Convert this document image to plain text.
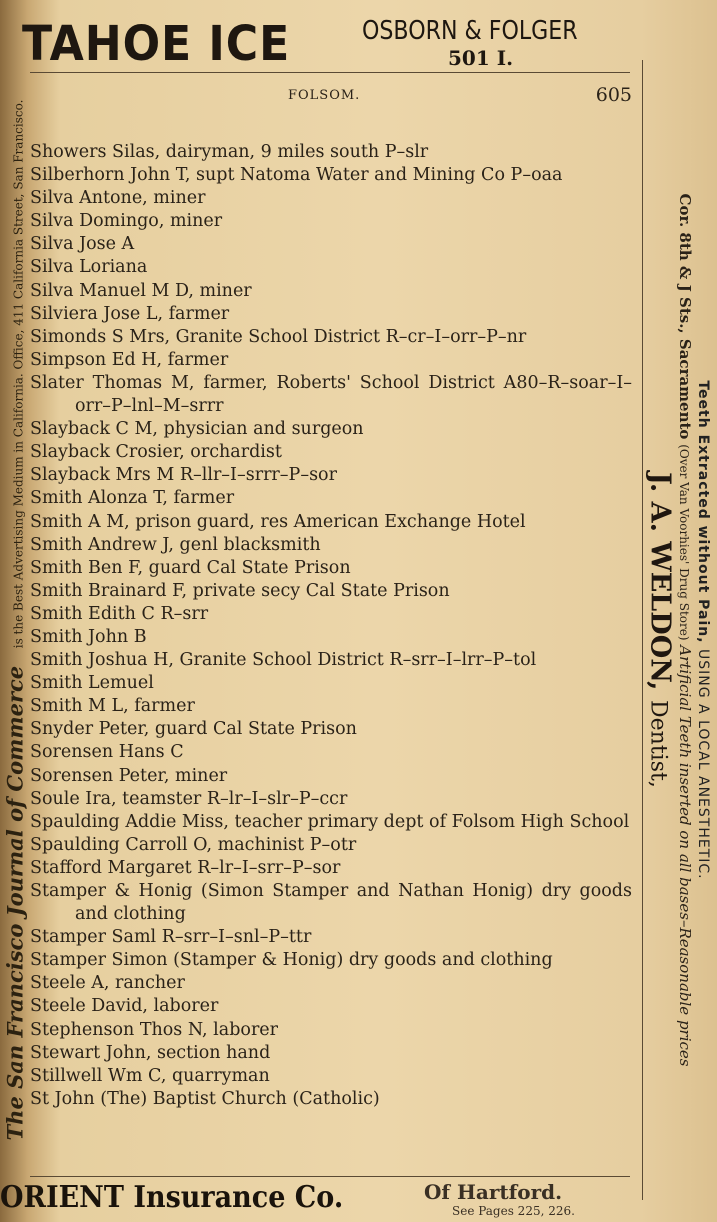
The San Francisco Journal of Commerce is the Best Advertising Medium in California. Office, 411 California Street, San Francisco.
TAHOE ICE	OSBORN & FOLGER
501 I.
FOLSOM.	605
Showers Silas, dairyman, 9 miles south P–slr
Silberhorn John T, supt Natoma Water and Mining Co P–oaa
Silva Antone, miner
Silva Domingo, miner
Silva Jose A
Silva Loriana
Silva Manuel M D, miner
Silviera Jose L, farmer
Simonds S Mrs, Granite School District R–cr–I–orr–P–nr
Simpson Ed H, farmer
Slater Thomas M, farmer, Roberts' School District A80–R–soar–I–orr–P–lnl–M–srrr
Slayback C M, physician and surgeon
Slayback Crosier, orchardist
Slayback Mrs M R–llr–I–srrr–P–sor
Smith Alonza T, farmer
Smith A M, prison guard, res American Exchange Hotel
Smith Andrew J, genl blacksmith
Smith Ben F, guard Cal State Prison
Smith Brainard F, private secy Cal State Prison
Smith Edith C R–srr
Smith John B
Smith Joshua H, Granite School District R–srr–I–lrr–P–tol
Smith Lemuel
Smith M L, farmer
Snyder Peter, guard Cal State Prison
Sorensen Hans C
Sorensen Peter, miner
Soule Ira, teamster R–lr–I–slr–P–ccr
Spaulding Addie Miss, teacher primary dept of Folsom High School
Spaulding Carroll O, machinist P–otr
Stafford Margaret R–lr–I–srr–P–sor
Stamper & Honig (Simon Stamper and Nathan Honig) dry goods and clothing
Stamper Saml R–srr–I–snl–P–ttr
Stamper Simon (Stamper & Honig) dry goods and clothing
Steele A, rancher
Steele David, laborer
Stephenson Thos N, laborer
Stewart John, section hand
Stillwell Wm C, quarryman
St John (The) Baptist Church (Catholic)
J. A. WELDON, Dentist,
Cor. 8th & J Sts., Sacramento (Over Van Voorhies' Drug Store) Artificial Teeth inserted on all bases–Reasonable prices
Teeth Extracted without Pain, USING A LOCAL ANESTHETIC.
ORIENT Insurance Co.	Of Hartford.
See Pages 225, 226.
